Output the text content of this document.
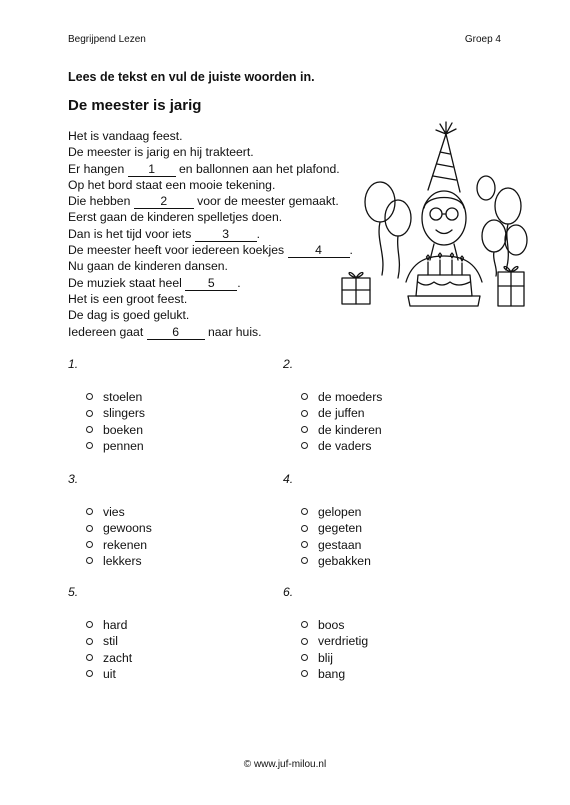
Begrijpend Lezen	Groep 4
Lees de tekst en vul de juiste woorden in.
De meester is jarig
Het is vandaag feest.
De meester is jarig en hij trakteert.
Er hangen 1 en ballonnen aan het plafond.
Op het bord staat een mooie tekening.
Die hebben 2 voor de meester gemaakt.
Eerst gaan de kinderen spelletjes doen.
Dan is het tijd voor iets 3 .
De meester heeft voor iedereen koekjes 4 .
Nu gaan de kinderen dansen.
De muziek staat heel 5 .
Het is een groot feest.
De dag is goed gelukt.
Iedereen gaat 6 naar huis.
1.
stoelen
slingers
boeken
pennen
2.
de moeders
de juffen
de kinderen
de vaders
3.
vies
gewoons
rekenen
lekkers
4.
gelopen
gegeten
gestaan
gebakken
5.
hard
stil
zacht
uit
6.
boos
verdrietig
blij
bang
© www.juf-milou.nl
